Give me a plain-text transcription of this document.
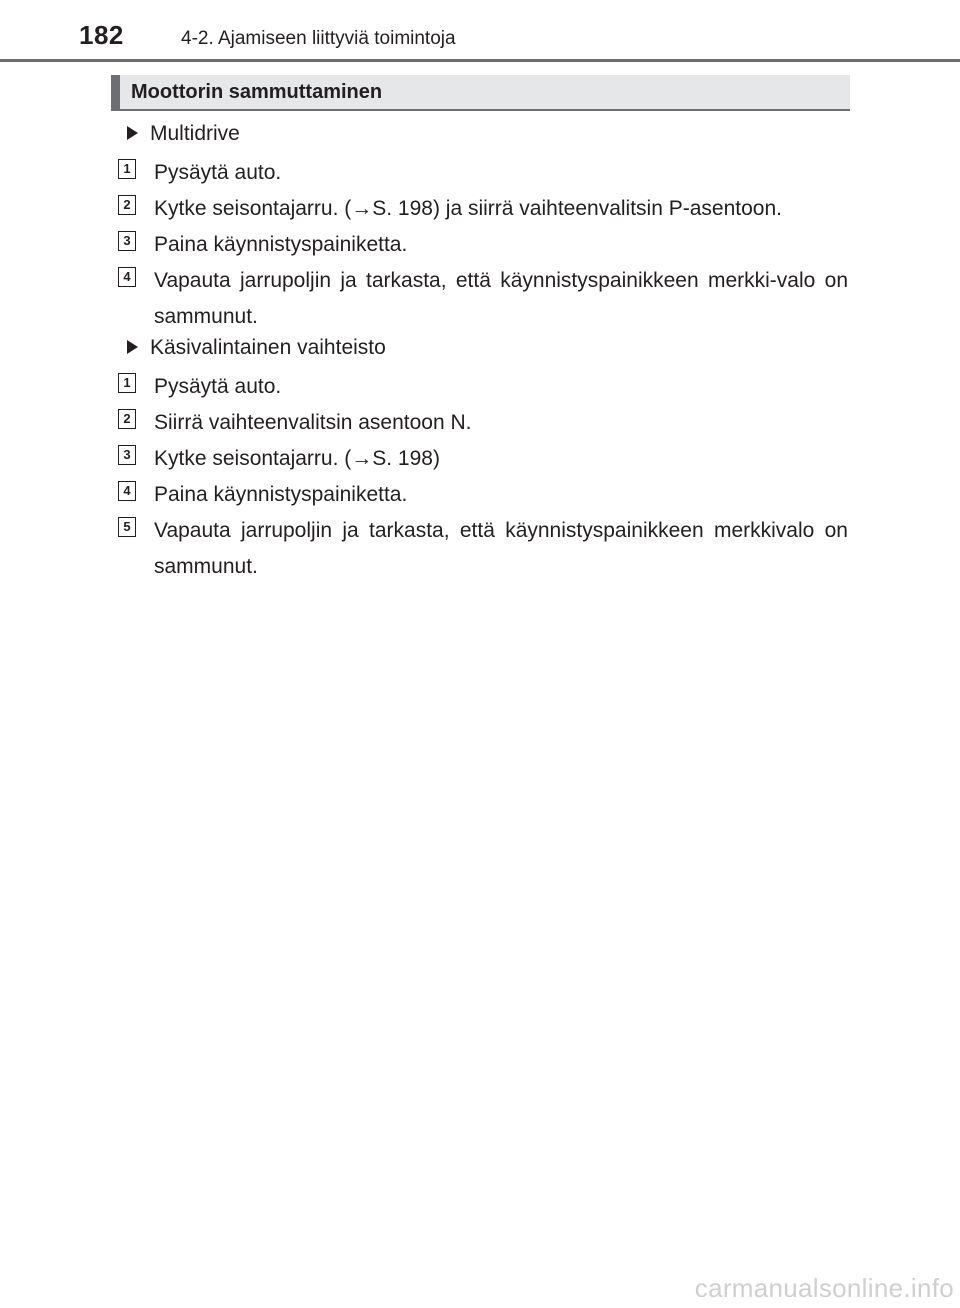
182	4-2. Ajamiseen liittyviä toimintoja
Moottorin sammuttaminen
Multidrive
1 Pysäytä auto.
2 Kytke seisontajarru. (→S. 198) ja siirrä vaihteenvalitsin P-asentoon.
3 Paina käynnistyspainiketta.
4 Vapauta jarrupoljin ja tarkasta, että käynnistyspainikkeen merkki-valo on sammunut.
Käsivalintainen vaihteisto
1 Pysäytä auto.
2 Siirrä vaihteenvalitsin asentoon N.
3 Kytke seisontajarru. (→S. 198)
4 Paina käynnistyspainiketta.
5 Vapauta jarrupoljin ja tarkasta, että käynnistyspainikkeen merkkivalo on sammunut.
carmanualsonline.info
